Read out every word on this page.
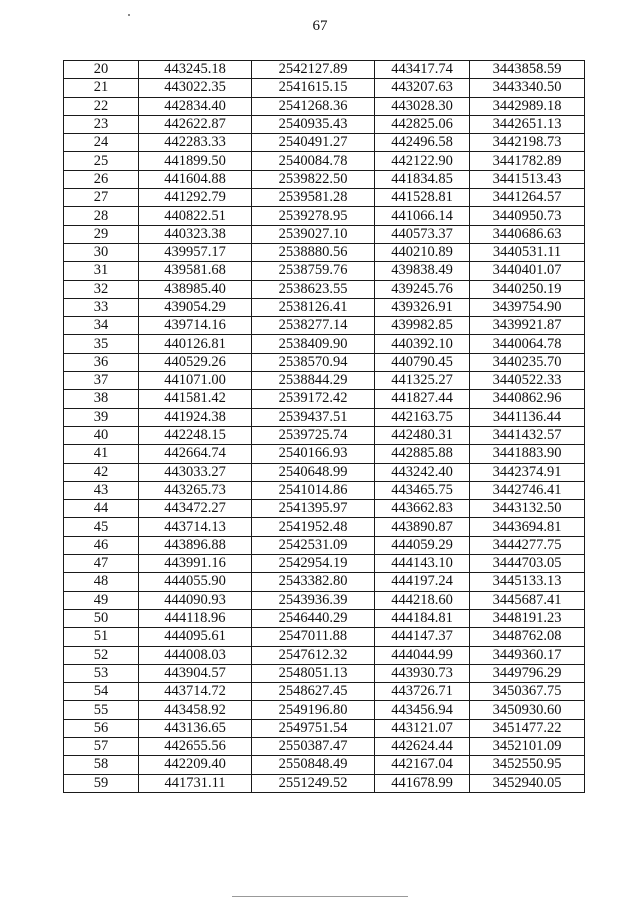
67
20	443245.18	2542127.89	443417.74	3443858.59
21	443022.35	2541615.15	443207.63	3443340.50
22	442834.40	2541268.36	443028.30	3442989.18
23	442622.87	2540935.43	442825.06	3442651.13
24	442283.33	2540491.27	442496.58	3442198.73
25	441899.50	2540084.78	442122.90	3441782.89
26	441604.88	2539822.50	441834.85	3441513.43
27	441292.79	2539581.28	441528.81	3441264.57
28	440822.51	2539278.95	441066.14	3440950.73
29	440323.38	2539027.10	440573.37	3440686.63
30	439957.17	2538880.56	440210.89	3440531.11
31	439581.68	2538759.76	439838.49	3440401.07
32	438985.40	2538623.55	439245.76	3440250.19
33	439054.29	2538126.41	439326.91	3439754.90
34	439714.16	2538277.14	439982.85	3439921.87
35	440126.81	2538409.90	440392.10	3440064.78
36	440529.26	2538570.94	440790.45	3440235.70
37	441071.00	2538844.29	441325.27	3440522.33
38	441581.42	2539172.42	441827.44	3440862.96
39	441924.38	2539437.51	442163.75	3441136.44
40	442248.15	2539725.74	442480.31	3441432.57
41	442664.74	2540166.93	442885.88	3441883.90
42	443033.27	2540648.99	443242.40	3442374.91
43	443265.73	2541014.86	443465.75	3442746.41
44	443472.27	2541395.97	443662.83	3443132.50
45	443714.13	2541952.48	443890.87	3443694.81
46	443896.88	2542531.09	444059.29	3444277.75
47	443991.16	2542954.19	444143.10	3444703.05
48	444055.90	2543382.80	444197.24	3445133.13
49	444090.93	2543936.39	444218.60	3445687.41
50	444118.96	2546440.29	444184.81	3448191.23
51	444095.61	2547011.88	444147.37	3448762.08
52	444008.03	2547612.32	444044.99	3449360.17
53	443904.57	2548051.13	443930.73	3449796.29
54	443714.72	2548627.45	443726.71	3450367.75
55	443458.92	2549196.80	443456.94	3450930.60
56	443136.65	2549751.54	443121.07	3451477.22
57	442655.56	2550387.47	442624.44	3452101.09
58	442209.40	2550848.49	442167.04	3452550.95
59	441731.11	2551249.52	441678.99	3452940.05
